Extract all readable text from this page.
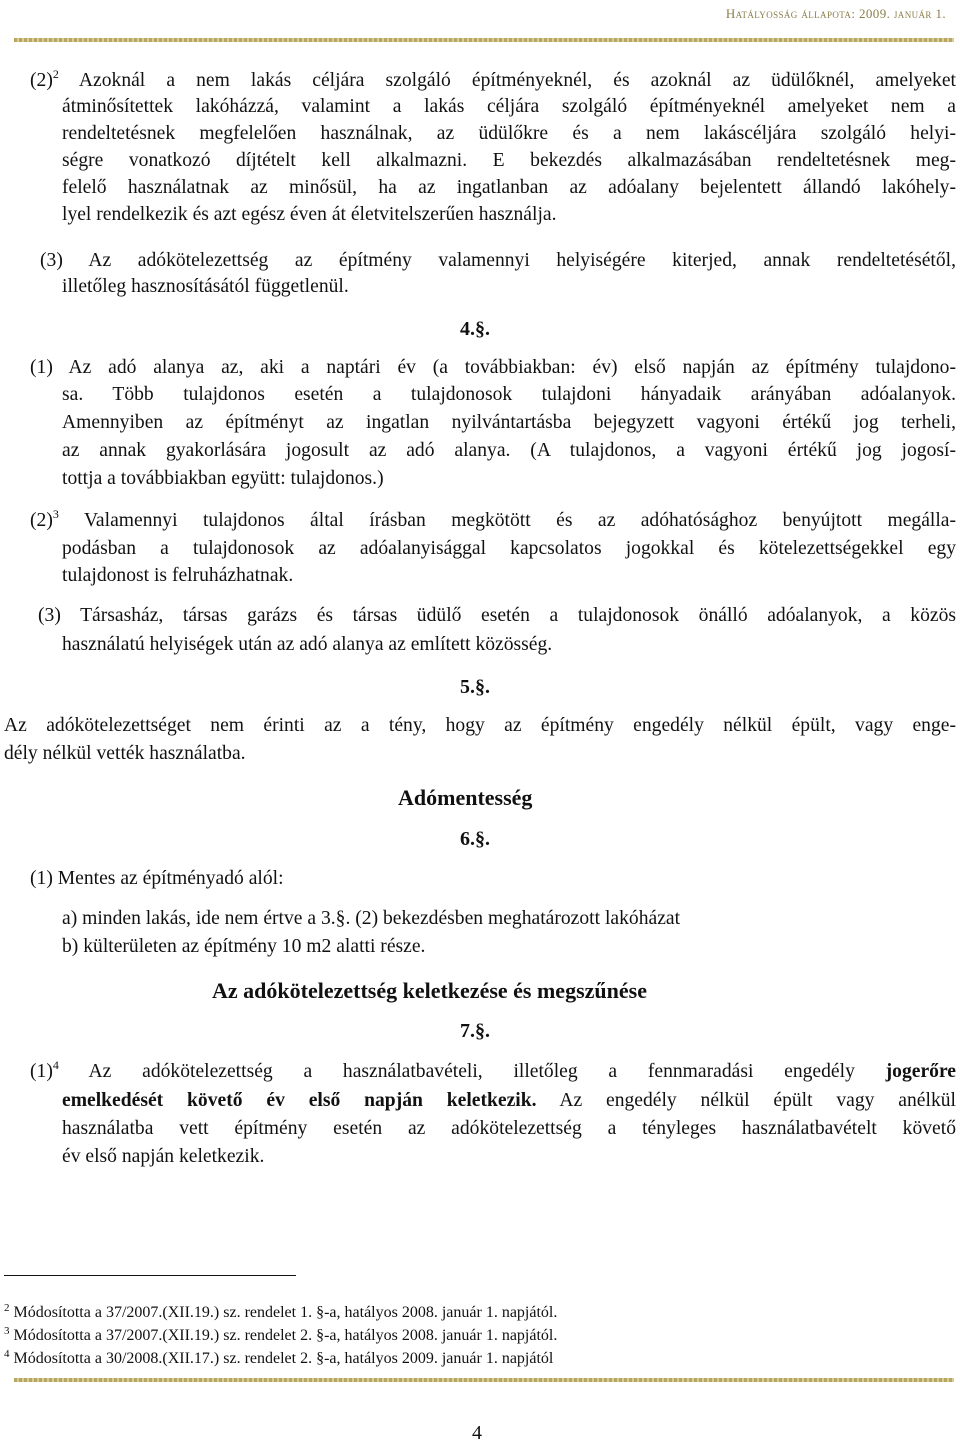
Hatályosság állapota: 2009. január 1.
$(2)^2$ Azoknál a nem lakás céljára szolgáló építményeknél, és azoknál az üdülőknél, amelyeket
átminősítettek lakóházzá, valamint a lakás céljára szolgáló építményeknél amelyeket nem a
rendeltetésnek megfelelően használnak, az üdülőkre és a nem lakáscéljára szolgáló helyi-
ségre vonatkozó díjtételt kell alkalmazni. E bekezdés alkalmazásában rendeltetésnek meg-
felelő használatnak az minősül, ha az ingatlanban az adóalany bejelentett állandó lakóhely-
lyel rendelkezik és azt egész éven át életvitelszerűen használja.
(3) Az adókötelezettség az építmény valamennyi helyiségére kiterjed, annak rendeltetésétől,
illetőleg hasznosításától függetlenül.
4.§.
(1) Az adó alanya az, aki a naptári év (a továbbiakban: év) első napján az építmény tulajdono-
sa. Több tulajdonos esetén a tulajdonosok tulajdoni hányadaik arányában adóalanyok.
Amennyiben az építményt az ingatlan nyilvántartásba bejegyzett vagyoni értékű jog terheli,
az annak gyakorlására jogosult az adó alanya. (A tulajdonos, a vagyoni értékű jog jogosí-
tottja a továbbiakban együtt: tulajdonos.)
$(2)^3$ Valamennyi tulajdonos által írásban megkötött és az adóhatósághoz benyújtott megálla-
podásban a tulajdonosok az adóalanyisággal kapcsolatos jogokkal és kötelezettségekkel egy
tulajdonost is felruházhatnak.
(3) Társasház, társas garázs és társas üdülő esetén a tulajdonosok önálló adóalanyok, a közös
használatú helyiségek után az adó alanya az említett közösség.
5.§.
Az adókötelezettséget nem érinti az a tény, hogy az építmény engedély nélkül épült, vagy enge-
dély nélkül vették használatba.
Adómentesség
6.§.
(1) Mentes az építményadó alól:
a) minden lakás, ide nem értve a 3.§. (2) bekezdésben meghatározott lakóházat
b) külterületen az építmény 10 m2 alatti része.
Az adókötelezettség keletkezése és megszűnése
7.§.
$(1)^4$ Az adókötelezettség a használatbavételi, illetőleg a fennmaradási engedély jogerőre
emelkedését követő év első napján keletkezik. Az engedély nélkül épült vagy anélkül
használatba vett építmény esetén az adókötelezettség a tényleges használatbavételt követő
év első napján keletkezik.
$^2$ Módosította a 37/2007.(XII.19.) sz. rendelet 1. §-a, hatályos 2008. január 1. napjától.
$^3$ Módosította a 37/2007.(XII.19.) sz. rendelet 2. §-a, hatályos 2008. január 1. napjától.
$^4$ Módosította a 30/2008.(XII.17.) sz. rendelet 2. §-a, hatályos 2009. január 1. napjától
4
